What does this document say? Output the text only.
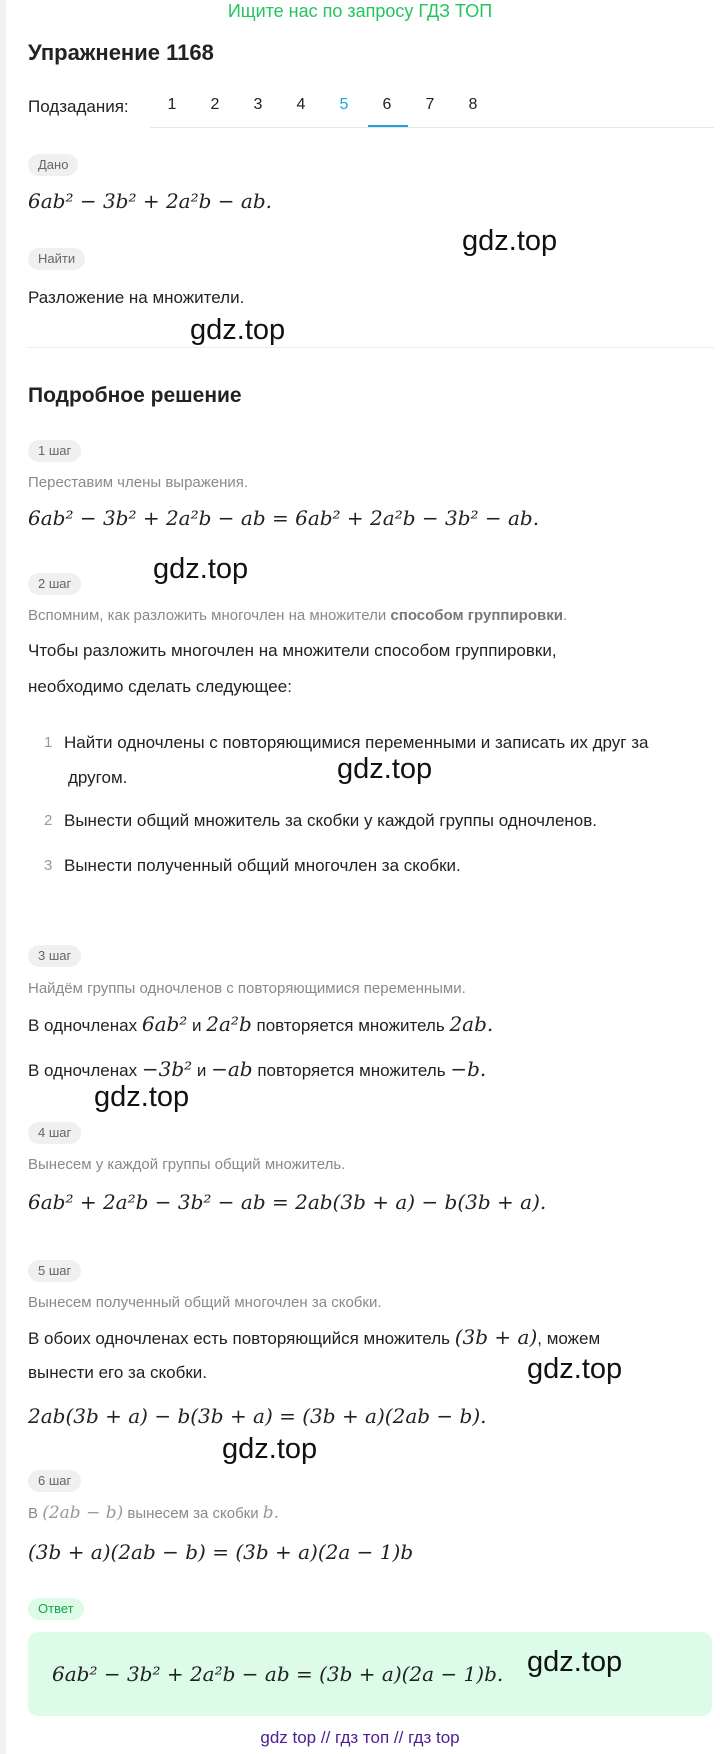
Ищите нас по запросу ГДЗ ТОП
Упражнение 1168
Подзадания:	1	2	3	4	5	6	7	8
Дано
6ab² − 3b² + 2a²b − ab.
Найти
Разложение на множители.
Подробное решение
1 шаг
Переставим члены выражения.
6ab² − 3b² + 2a²b − ab = 6ab² + 2a²b − 3b² − ab.
2 шаг
Вспомним, как разложить многочлен на множители способом группировки.
Чтобы разложить многочлен на множители способом группировки,
необходимо сделать следующее:
1 Найти одночлены с повторяющимися переменными и записать их друг за
другом.
2 Вынести общий множитель за скобки у каждой группы одночленов.
3 Вынести полученный общий многочлен за скобки.
3 шаг
Найдём группы одночленов с повторяющимися переменными.
В одночленах 6ab² и 2a²b повторяется множитель 2ab.
В одночленах −3b² и −ab повторяется множитель −b.
4 шаг
Вынесем у каждой группы общий множитель.
6ab² + 2a²b − 3b² − ab = 2ab(3b + a) − b(3b + a).
5 шаг
Вынесем полученный общий многочлен за скобки.
В обоих одночленах есть повторяющийся множитель (3b + a), можем
вынести его за скобки.
2ab(3b + a) − b(3b + a) = (3b + a)(2ab − b).
6 шаг
В (2ab − b) вынесем за скобки b.
(3b + a)(2ab − b) = (3b + a)(2a − 1)b
Ответ
6ab² − 3b² + 2a²b − ab = (3b + a)(2a − 1)b.
gdz.top
gdz.top
gdz.top
gdz.top
gdz.top
gdz.top
gdz.top
gdz.top
gdz top // гдз топ // гдз top
